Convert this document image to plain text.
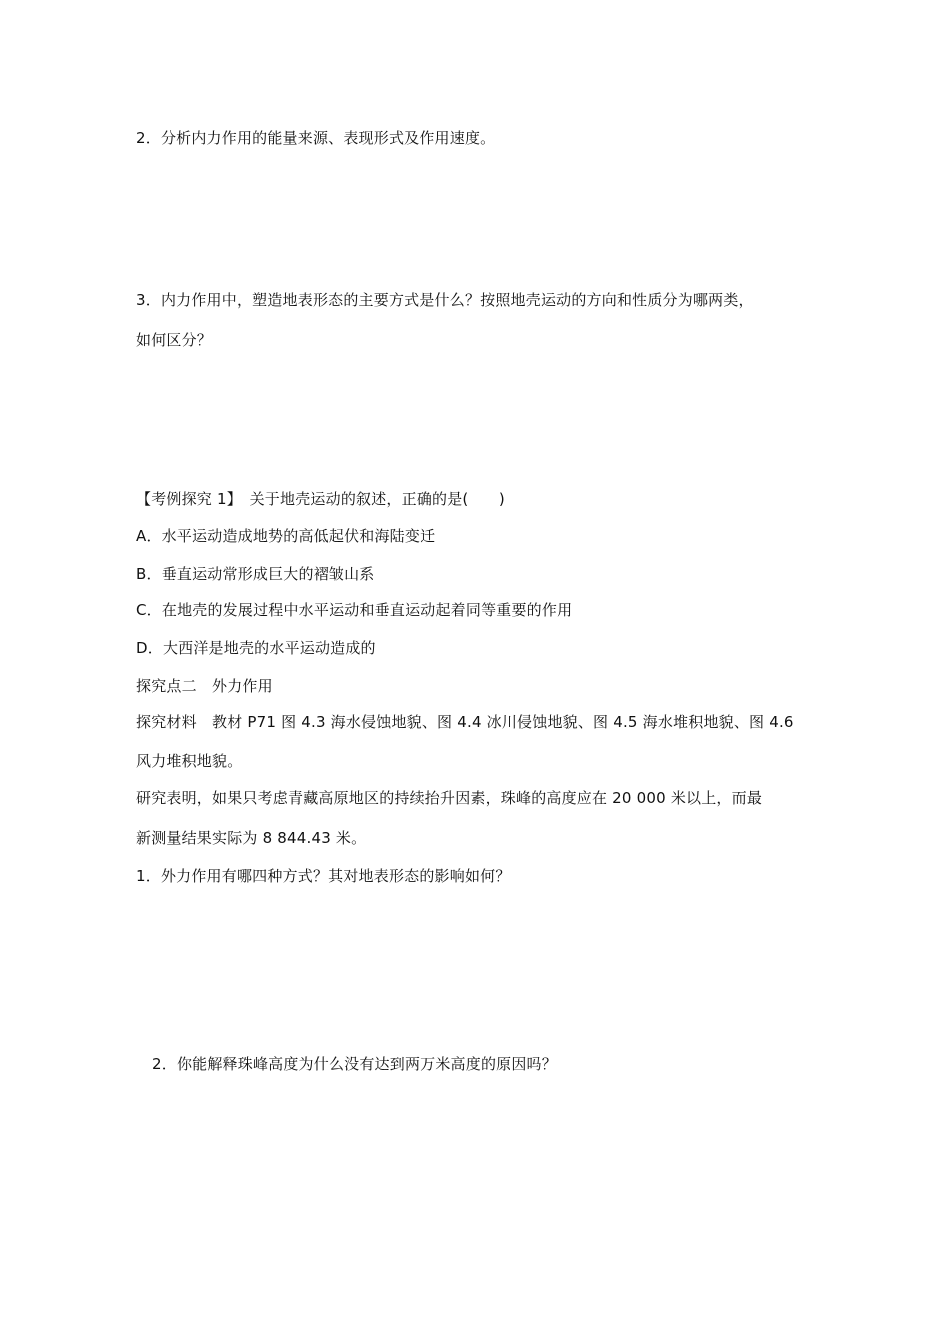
2．分析内力作用的能量来源、表现形式及作用速度。
3．内力作用中，塑造地表形态的主要方式是什么？按照地壳运动的方向和性质分为哪两类，
如何区分？
【考例探究 1】　关于地壳运动的叙述，正确的是(　　)
A．水平运动造成地势的高低起伏和海陆变迁
B．垂直运动常形成巨大的褶皱山系
C．在地壳的发展过程中水平运动和垂直运动起着同等重要的作用
D．大西洋是地壳的水平运动造成的
探究点二　外力作用
探究材料　教材 P71 图 4.3 海水侵蚀地貌、图 4.4 冰川侵蚀地貌、图 4.5 海水堆积地貌、图 4.6
风力堆积地貌。
研究表明，如果只考虑青藏高原地区的持续抬升因素，珠峰的高度应在 20 000 米以上，而最
新测量结果实际为 8 844.43 米。
1．外力作用有哪四种方式？其对地表形态的影响如何？
2．你能解释珠峰高度为什么没有达到两万米高度的原因吗？
